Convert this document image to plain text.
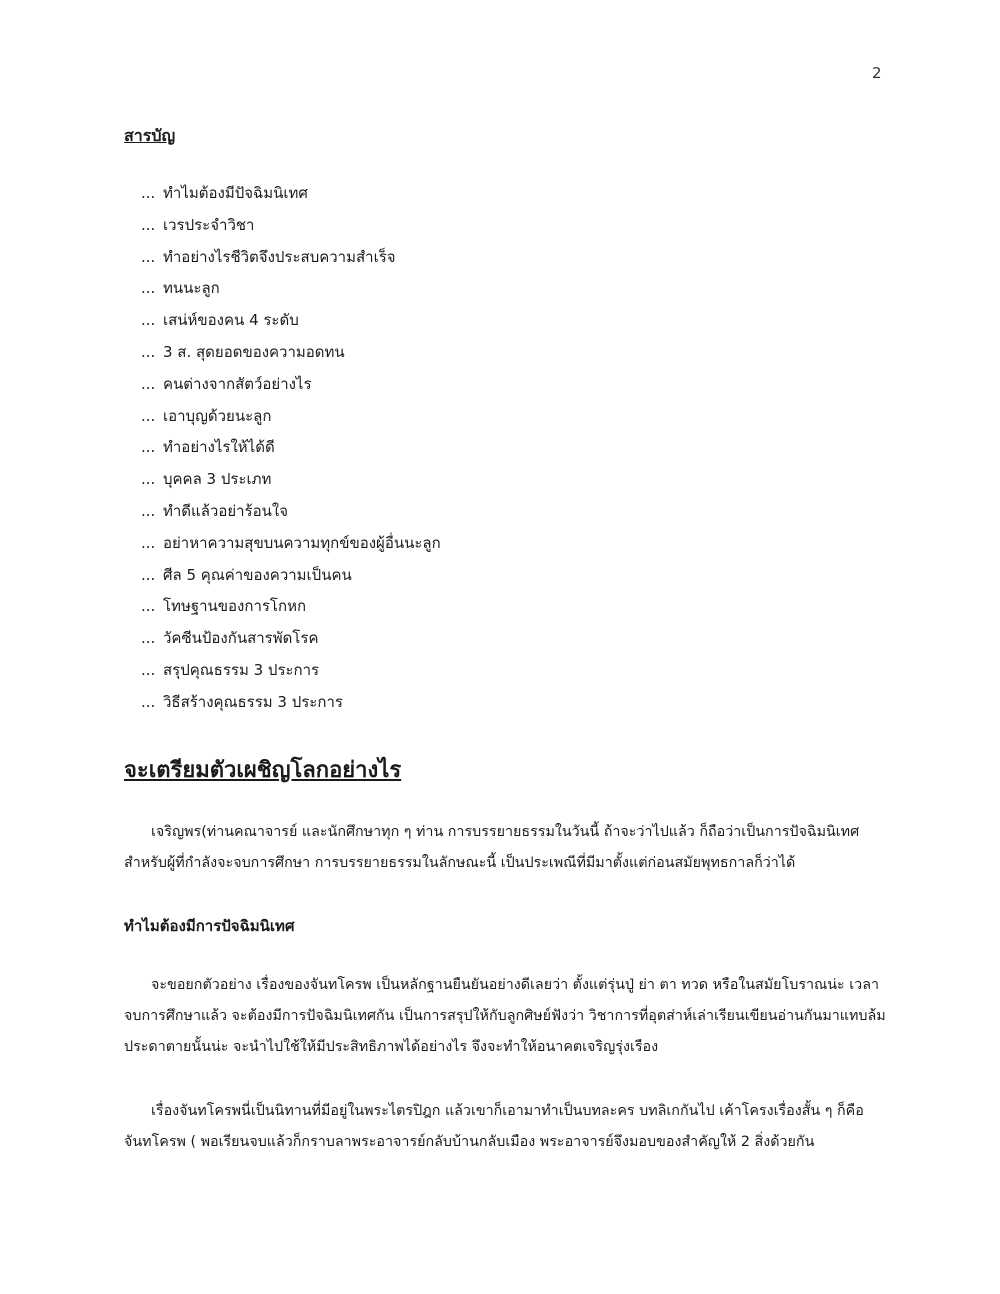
2
สารบัญ
... ทำไมต้องมีปัจฉิมนิเทศ
... เวรประจำวิชา
... ทำอย่างไรชีวิตจึงประสบความสำเร็จ
... ทนนะลูก
... เสน่ห์ของคน 4 ระดับ
... 3 ส. สุดยอดของความอดทน
... คนต่างจากสัตว์อย่างไร
... เอาบุญด้วยนะลูก
... ทำอย่างไรให้ได้ดี
... บุคคล 3 ประเภท
... ทำดีแล้วอย่าร้อนใจ
... อย่าหาความสุขบนความทุกข์ของผู้อื่นนะลูก
... ศีล 5 คุณค่าของความเป็นคน
... โทษฐานของการโกหก
... วัคซีนป้องกันสารพัดโรค
... สรุปคุณธรรม 3 ประการ
... วิธีสร้างคุณธรรม 3 ประการ
จะเตรียมตัวเผชิญโลกอย่างไร

เจริญพร(ท่านคณาจารย์ และนักศึกษาทุก ๆ ท่าน การบรรยายธรรมในวันนี้ ถ้าจะว่าไปแล้ว ก็ถือว่าเป็นการปัจฉิมนิเทศ สำหรับผู้ที่กำลังจะจบการศึกษา การบรรยายธรรมในลักษณะนี้ เป็นประเพณีที่มีมาตั้งแต่ก่อนสมัยพุทธกาลก็ว่าได้

ทำไมต้องมีการปัจฉิมนิเทศ

จะขอยกตัวอย่าง เรื่องของจันทโครพ เป็นหลักฐานยืนยันอย่างดีเลยว่า ตั้งแต่รุ่นปู่ ย่า ตา ทวด หรือในสมัยโบราณน่ะ เวลาจบการศึกษาแล้ว จะต้องมีการปัจฉิมนิเทศกัน เป็นการสรุปให้กับลูกศิษย์ฟังว่า วิชาการที่อุตส่าห์เล่าเรียนเขียนอ่านกันมาแทบล้มประดาตายนั้นน่ะ จะนำไปใช้ให้มีประสิทธิภาพได้อย่างไร จึงจะทำให้อนาคตเจริญรุ่งเรือง

เรื่องจันทโครพนี่เป็นนิทานที่มีอยู่ในพระไตรปิฎก แล้วเขาก็เอามาทำเป็นบทละคร บทลิเกกันไป เค้าโครงเรื่องสั้น ๆ ก็คือ จันทโครพ ( พอเรียนจบแล้วก็กราบลาพระอาจารย์กลับบ้านกลับเมือง พระอาจารย์จึงมอบของสำคัญให้ 2 สิ่งด้วยกัน
